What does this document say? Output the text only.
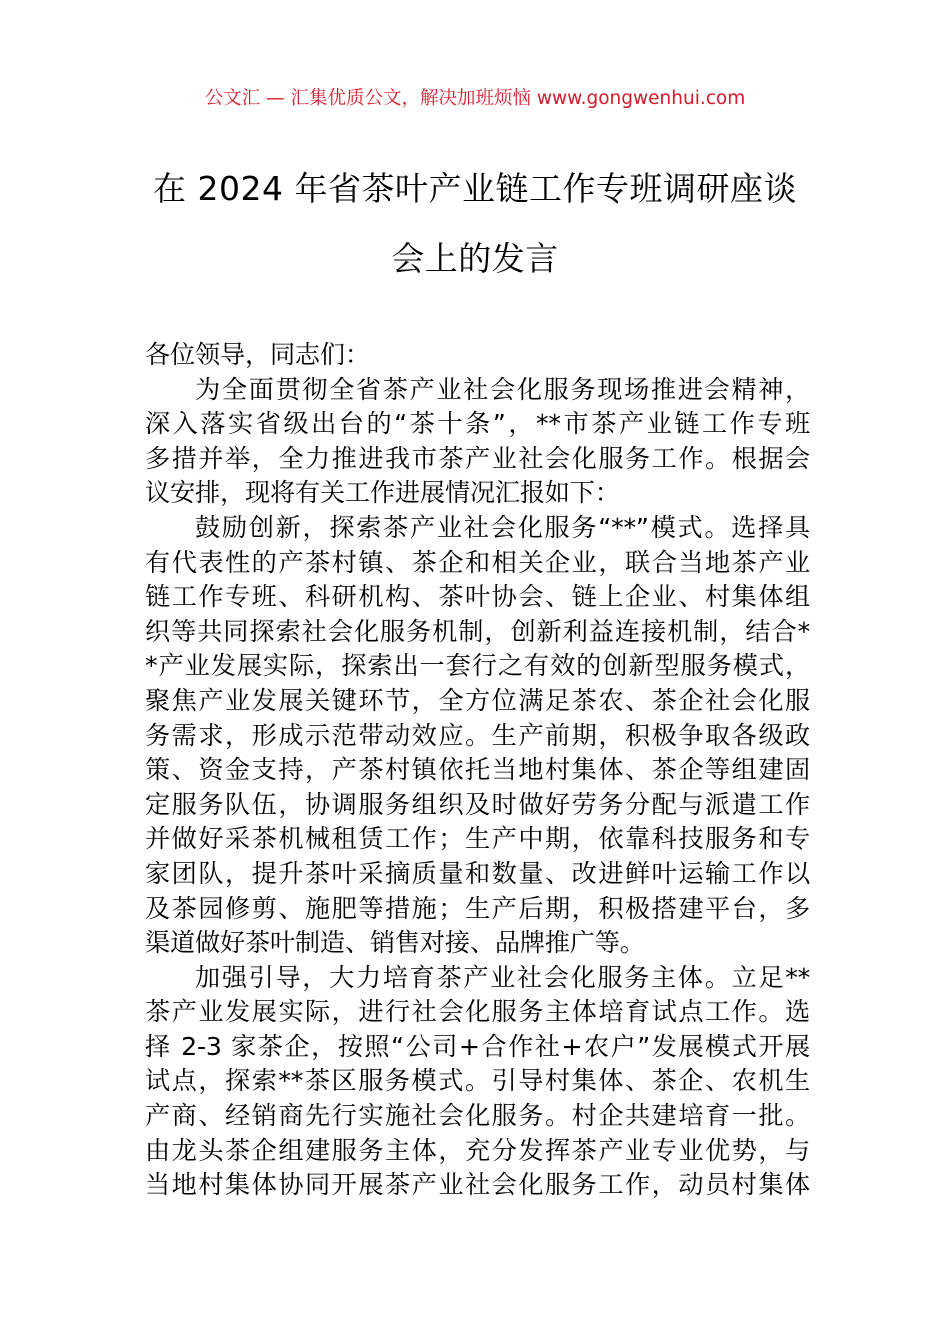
公文汇 — 汇集优质公文，解决加班烦恼 www.gongwenhui.com
在 2024 年省茶叶产业链工作专班调研座谈
会上的发言
各位领导，同志们：
为全面贯彻全省茶产业社会化服务现场推进会精神，
深入落实省级出台的“茶十条”，**市茶产业链工作专班
多措并举，全力推进我市茶产业社会化服务工作。根据会
议安排，现将有关工作进展情况汇报如下：
鼓励创新，探索茶产业社会化服务“**”模式。选择具
有代表性的产茶村镇、茶企和相关企业，联合当地茶产业
链工作专班、科研机构、茶叶协会、链上企业、村集体组
织等共同探索社会化服务机制，创新利益连接机制，结合*
*产业发展实际，探索出一套行之有效的创新型服务模式，
聚焦产业发展关键环节，全方位满足茶农、茶企社会化服
务需求，形成示范带动效应。生产前期，积极争取各级政
策、资金支持，产茶村镇依托当地村集体、茶企等组建固
定服务队伍，协调服务组织及时做好劳务分配与派遣工作
并做好采茶机械租赁工作；生产中期，依靠科技服务和专
家团队，提升茶叶采摘质量和数量、改进鲜叶运输工作以
及茶园修剪、施肥等措施；生产后期，积极搭建平台，多
渠道做好茶叶制造、销售对接、品牌推广等。
加强引导，大力培育茶产业社会化服务主体。立足**
茶产业发展实际，进行社会化服务主体培育试点工作。选
择 2-3 家茶企，按照“公司+合作社+农户”发展模式开展
试点，探索**茶区服务模式。引导村集体、茶企、农机生
产商、经销商先行实施社会化服务。村企共建培育一批。
由龙头茶企组建服务主体，充分发挥茶产业专业优势，与
当地村集体协同开展茶产业社会化服务工作，动员村集体
